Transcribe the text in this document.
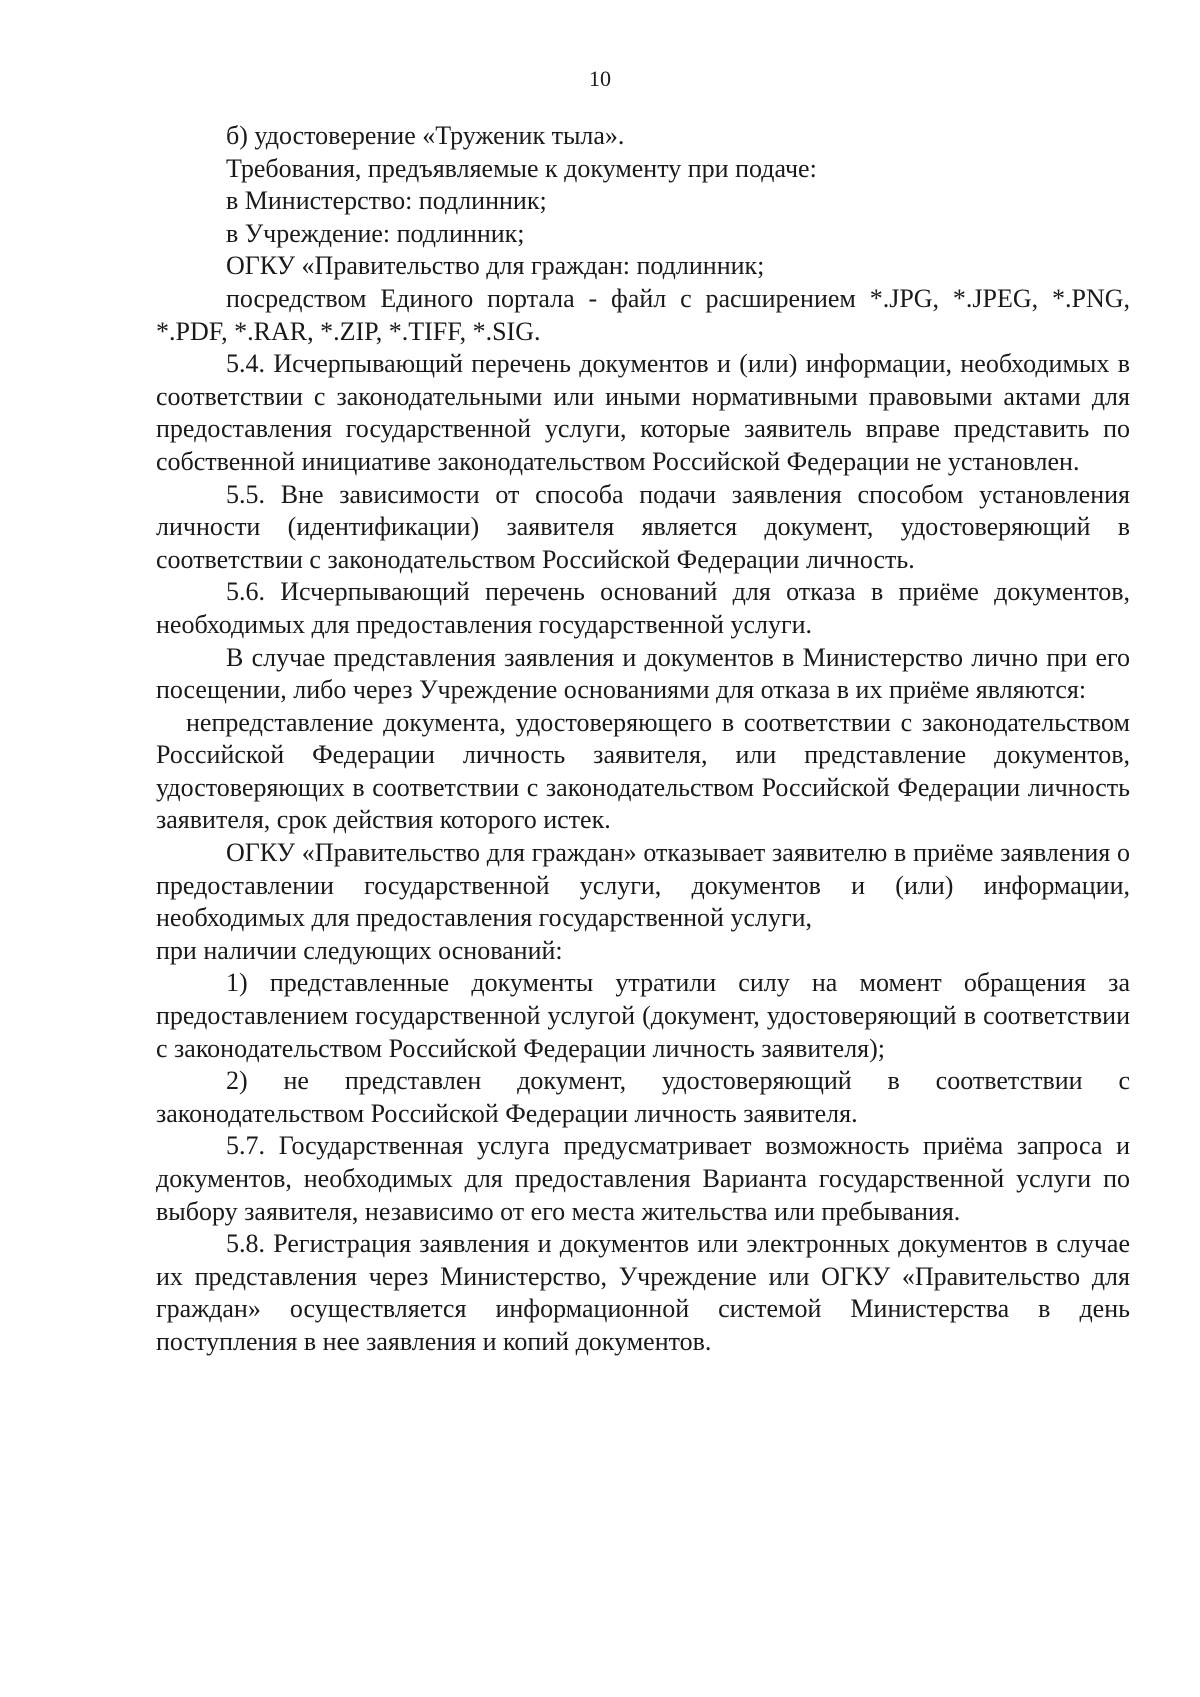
10

б) удостоверение «Труженик тыла».

Требования, предъявляемые к документу при подаче:

в Министерство: подлинник;

в Учреждение: подлинник;

ОГКУ «Правительство для граждан: подлинник;

посредством Единого портала - файл с расширением *.JPG, *.JPEG, *.PNG, *.PDF, *.RAR, *.ZIP, *.TIFF, *.SIG.

5.4. Исчерпывающий перечень документов и (или) информации, необходимых в соответствии с законодательными или иными нормативными правовыми актами для предоставления государственной услуги, которые заявитель вправе представить по собственной инициативе законодательством Российской Федерации не установлен.

5.5. Вне зависимости от способа подачи заявления способом установления личности (идентификации) заявителя является документ, удостоверяющий в соответствии с законодательством Российской Федерации личность.

5.6. Исчерпывающий перечень оснований для отказа в приёме документов, необходимых для предоставления государственной услуги.

В случае представления заявления и документов в Министерство лично при его посещении, либо через Учреждение основаниями для отказа в их приёме являются:

непредставление документа, удостоверяющего в соответствии с законодательством Российской Федерации личность заявителя, или представление документов, удостоверяющих в соответствии с законодательством Российской Федерации личность заявителя, срок действия которого истек.

ОГКУ «Правительство для граждан» отказывает заявителю в приёме заявления о предоставлении государственной услуги, документов и (или) информации, необходимых для предоставления государственной услуги,

при наличии следующих оснований:

1) представленные документы утратили силу на момент обращения за предоставлением государственной услугой (документ, удостоверяющий в соответствии с законодательством Российской Федерации личность заявителя);

2) не представлен документ, удостоверяющий в соответствии с законодательством Российской Федерации личность заявителя.

5.7. Государственная услуга предусматривает возможность приёма запроса и документов, необходимых для предоставления Варианта государственной услуги по выбору заявителя, независимо от его места жительства или пребывания.

5.8. Регистрация заявления и документов или электронных документов в случае их представления через Министерство, Учреждение или ОГКУ «Правительство для граждан» осуществляется информационной системой Министерства в день поступления в нее заявления и копий документов.
